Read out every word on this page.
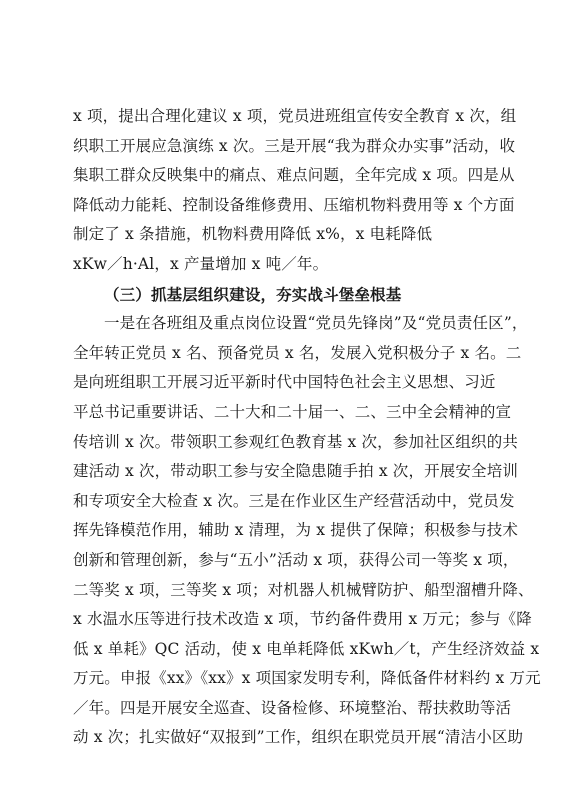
x 项，提出合理化建议 x 项，党员进班组宣传安全教育 x 次，组
织职工开展应急演练 x 次。三是开展“我为群众办实事”活动，收
集职工群众反映集中的痛点、难点问题，全年完成 x 项。四是从
降低动力能耗、控制设备维修费用、压缩机物料费用等 x 个方面
制定了 x 条措施，机物料费用降低 x%，x 电耗降低
xKw／h·Al，x 产量增加 x 吨／年。
（三）抓基层组织建设，夯实战斗堡垒根基
一是在各班组及重点岗位设置“党员先锋岗”及“党员责任区”，
全年转正党员 x 名、预备党员 x 名，发展入党积极分子 x 名。二
是向班组职工开展习近平新时代中国特色社会主义思想、习近
平总书记重要讲话、二十大和二十届一、二、三中全会精神的宣
传培训 x 次。带领职工参观红色教育基 x 次，参加社区组织的共
建活动 x 次，带动职工参与安全隐患随手拍 x 次，开展安全培训
和专项安全大检查 x 次。三是在作业区生产经营活动中，党员发
挥先锋模范作用，辅助 x 清理，为 x 提供了保障；积极参与技术
创新和管理创新，参与“五小”活动 x 项，获得公司一等奖 x 项，
二等奖 x 项，三等奖 x 项；对机器人机械臂防护、船型溜槽升降、
x 水温水压等进行技术改造 x 项，节约备件费用 x 万元；参与《降
低 x 单耗》QC 活动，使 x 电单耗降低 xKwh／t，产生经济效益 x
万元。申报《xx》《xx》x 项国家发明专利，降低备件材料约 x 万元
／年。四是开展安全巡查、设备检修、环境整治、帮扶救助等活
动 x 次；扎实做好“双报到”工作，组织在职党员开展“清洁小区助
